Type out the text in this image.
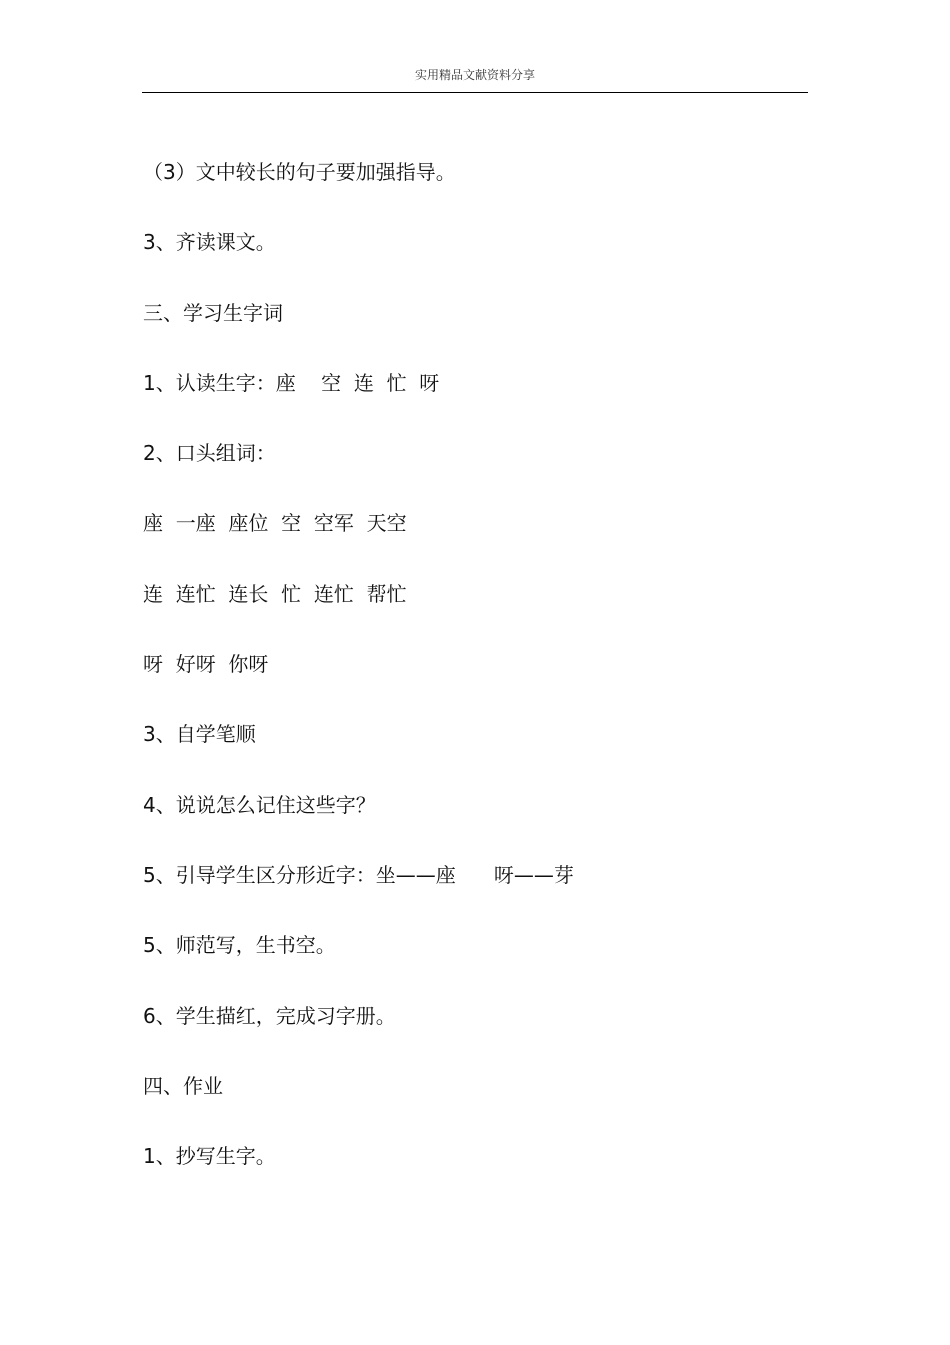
实用精品文献资料分享
（3）文中较长的句子要加强指导。
3、齐读课文。
三、学习生字词
1、认读生字：座    空  连  忙  呀
2、口头组词：
座  一座  座位  空  空军  天空
连  连忙  连长  忙  连忙  帮忙
呀  好呀  你呀
3、自学笔顺
4、说说怎么记住这些字？
5、引导学生区分形近字：坐——座      呀——芽
5、师范写，生书空。
6、学生描红，完成习字册。
四、作业
1、抄写生字。
